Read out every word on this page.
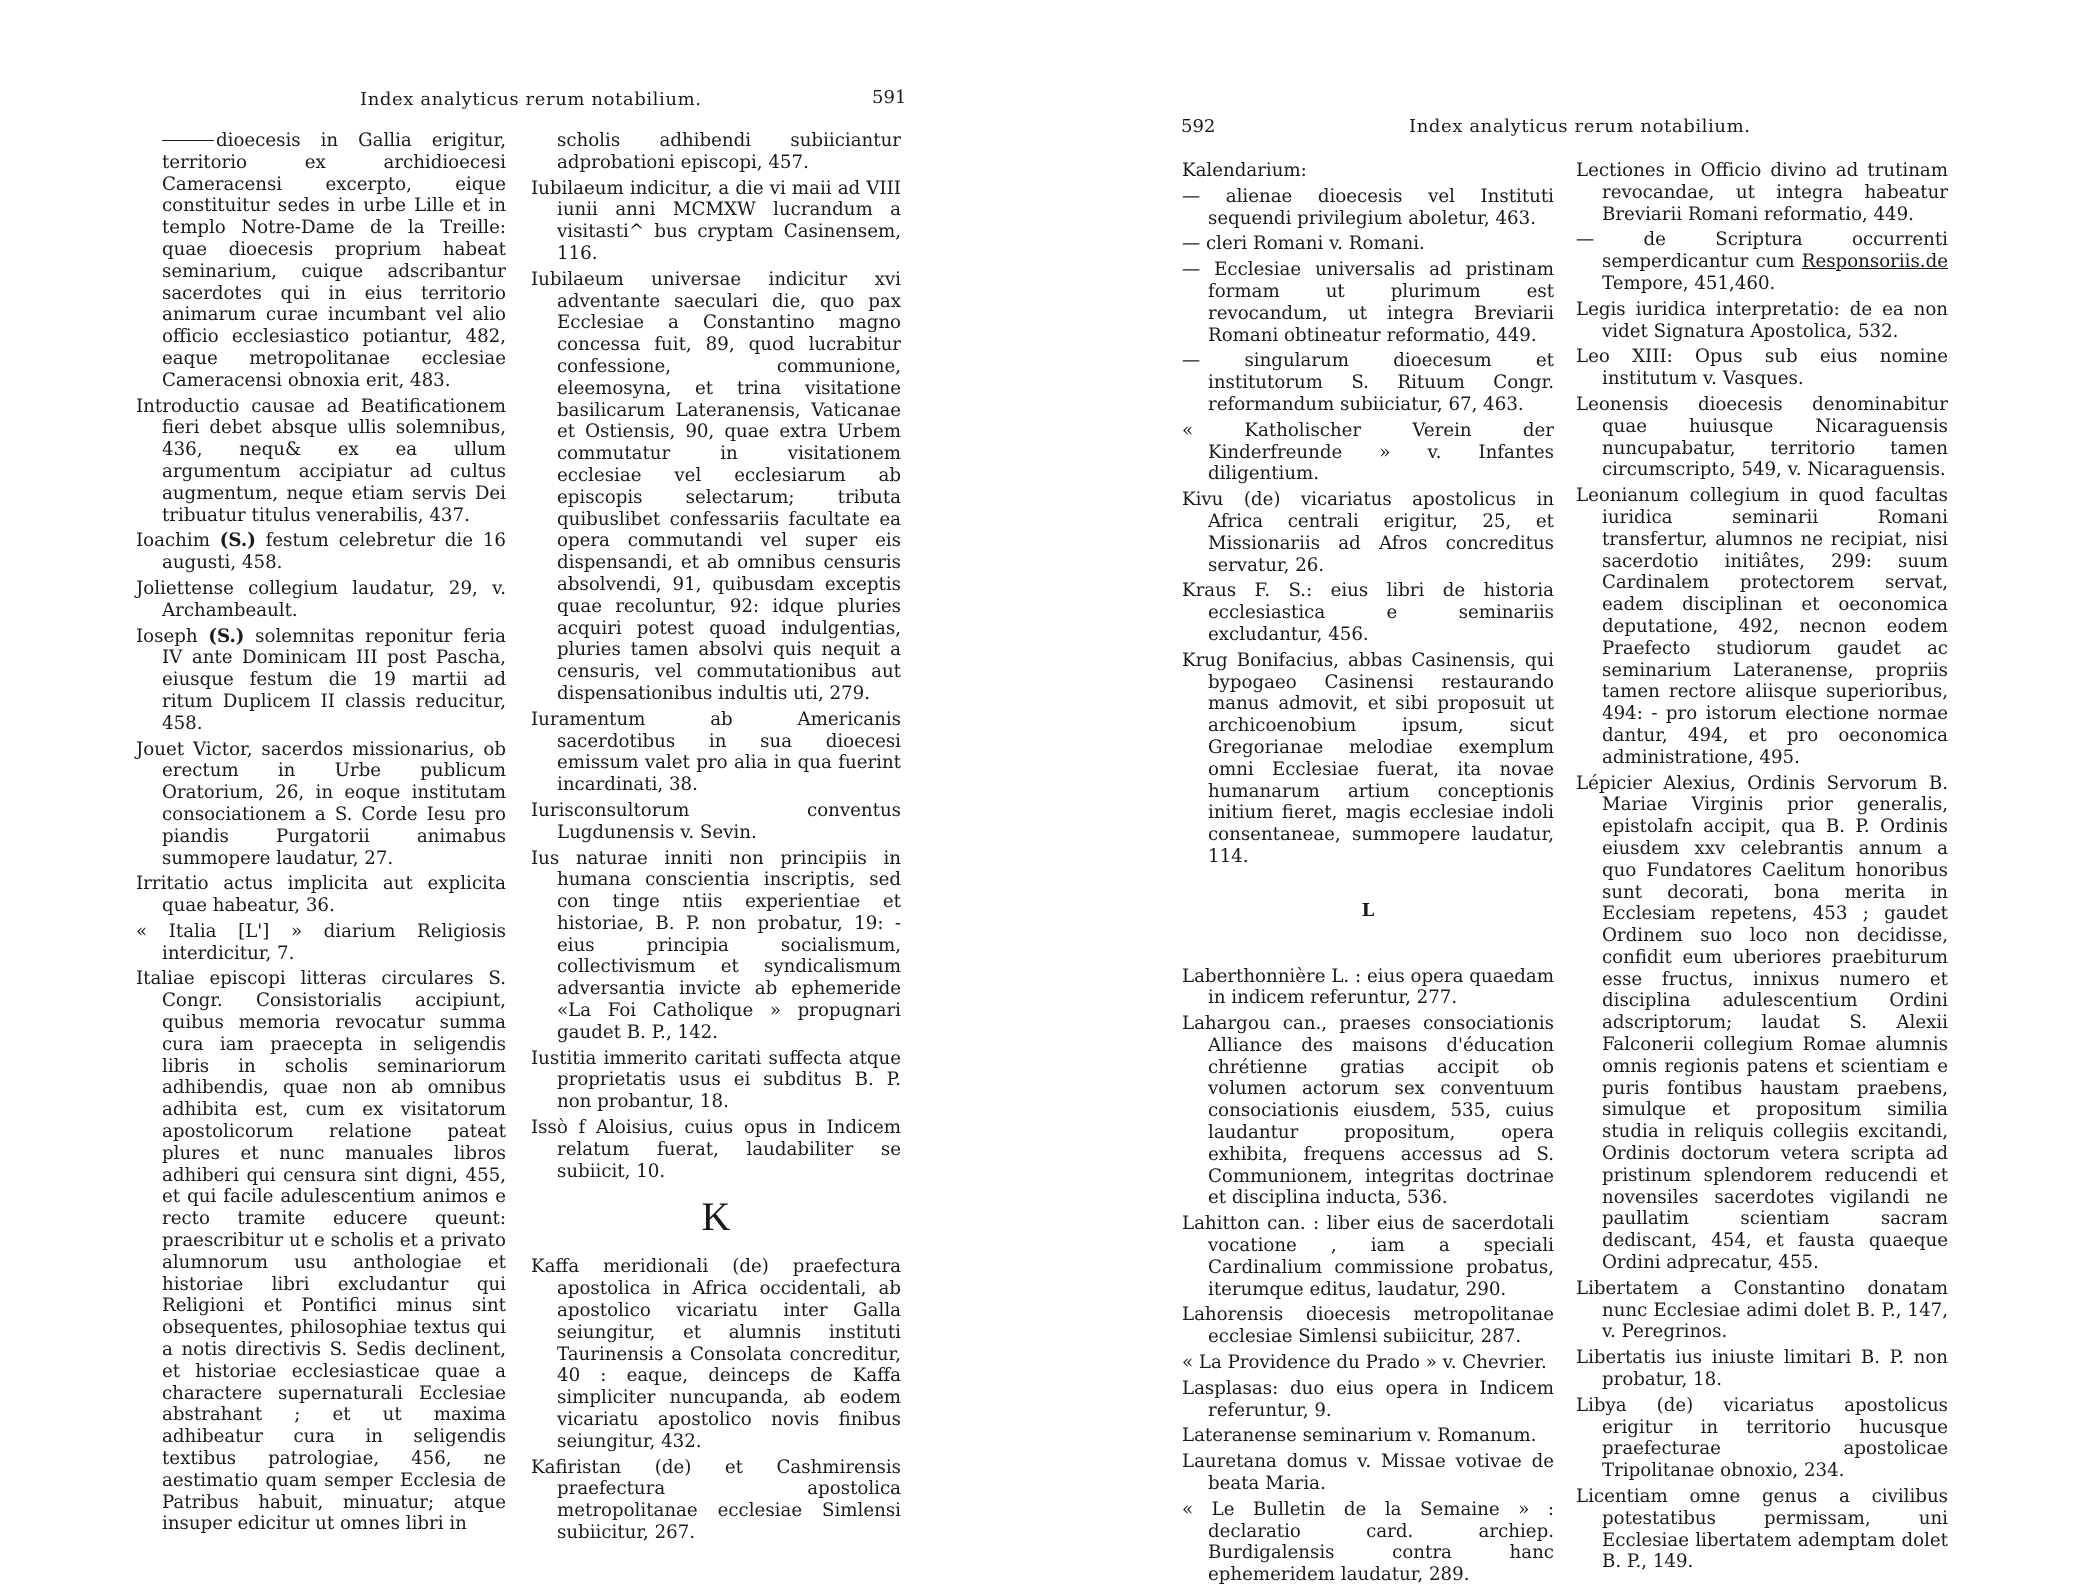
Index analyticus rerum notabilium.	591

dioecesis in Gallia erigitur, territorio ex archidioecesi Cameracensi excerpto, eique constituitur sedes in urbe Lille et in templo Notre-Dame de la Treille: quae dioecesis proprium habeat seminarium, cuique adscribantur sacerdotes qui in eius territorio animarum curae incumbant vel alio officio ecclesiastico potiantur, 482, eaque metropolitanae ecclesiae Cameracensi obnoxia erit, 483.

Introductio causae ad Beatificationem fieri debet absque ullis solemnibus, 436, nequ& ex ea ullum argumentum accipiatur ad cultus augmentum, neque etiam servis Dei tribuatur titulus venerabilis, 437.

Ioachim (S.) festum celebretur die 16 augusti, 458.

Joliettense collegium laudatur, 29, v. Archambeault.

Ioseph (S.) solemnitas reponitur feria IV ante Dominicam III post Pascha, eiusque festum die 19 martii ad ritum Duplicem II classis reducitur, 458.

Jouet Victor, sacerdos missionarius, ob erectum in Urbe publicum Oratorium, 26, in eoque institutam consociationem a S. Corde Iesu pro piandis Purgatorii animabus summopere laudatur, 27.

Irritatio actus implicita aut explicita quae habeatur, 36.

« Italia [L'] » diarium Religiosis interdicitur, 7.

Italiae episcopi litteras circulares S. Congr. Consistorialis accipiunt, quibus memoria revocatur summa cura iam praecepta in seligendis libris in scholis seminariorum adhibendis, quae non ab omnibus adhibita est, cum ex visitatorum apostolicorum relatione pateat plures et nunc manuales libros adhiberi qui censura sint digni, 455, et qui facile adulescentium animos e recto tramite educere queunt: praescribitur ut e scholis et a privato alumnorum usu anthologiae et historiae libri excludantur qui Religioni et Pontifici minus sint obsequentes, philosophiae textus qui a notis directivis S. Sedis declinent, et historiae ecclesiasticae quae a charactere supernaturali Ecclesiae abstrahant ; et ut maxima adhibeatur cura in seligendis textibus patrologiae, 456, ne aestimatio quam semper Ecclesia de Patribus habuit, minuatur; atque insuper edicitur ut omnes libri in

scholis adhibendi subiiciantur adprobationi episcopi, 457.

Iubilaeum indicitur, a die vi maii ad VIII iunii anni MCMXW lucrandum a visitasti^ bus cryptam Casinensem, 116.

Iubilaeum universae indicitur xvi adventante saeculari die, quo pax Ecclesiae a Constantino magno concessa fuit, 89, quod lucrabitur confessione, communione, eleemosyna, et trina visitatione basilicarum Lateranensis, Vaticanae et Ostiensis, 90, quae extra Urbem commutatur in visitationem ecclesiae vel ecclesiarum ab episcopis selectarum; tributa quibuslibet confessariis facultate ea opera commutandi vel super eis dispensandi, et ab omnibus censuris absolvendi, 91, quibusdam exceptis quae recoluntur, 92: idque pluries acquiri potest quoad indulgentias, pluries tamen absolvi quis nequit a censuris, vel commutationibus aut dispensationibus indultis uti, 279.

Iuramentum ab Americanis sacerdotibus in sua dioecesi emissum valet pro alia in qua fuerint incardinati, 38.

Iurisconsultorum conventus Lugdunensis v. Sevin.

Ius naturae inniti non principiis in humana conscientia inscriptis, sed con tinge ntiis experientiae et historiae, B. P. non probatur, 19: - eius principia socialismum, collectivismum et syndicalismum adversantia invicte ab ephemeride «La Foi Catholique » propugnari gaudet B. P., 142.

Iustitia immerito caritati suffecta atque proprietatis usus ei subditus B. P. non probantur, 18.

Issò f Aloisius, cuius opus in Indicem relatum fuerat, laudabiliter se subiicit, 10.

K

Kaffa meridionali (de) praefectura apostolica in Africa occidentali, ab apostolico vicariatu inter Galla seiungitur, et alumnis instituti Taurinensis a Consolata concreditur, 40 : eaque, deinceps de Kaffa simpliciter nuncupanda, ab eodem vicariatu apostolico novis finibus seiungitur, 432.

Kafiristan (de) et Cashmirensis praefectura apostolica metropolitanae ecclesiae Simlensi subiicitur, 267.

592	Index analyticus rerum notabilium.

Kalendarium:

— alienae dioecesis vel Instituti sequendi privilegium aboletur, 463.

— cleri Romani v. Romani.

— Ecclesiae universalis ad pristinam formam ut plurimum est revocandum, ut integra Breviarii Romani obtineatur reformatio, 449.

— singularum dioecesum et institutorum S. Rituum Congr. reformandum subiiciatur, 67, 463.

« Katholischer Verein der Kinderfreunde » v. Infantes diligentium.

Kivu (de) vicariatus apostolicus in Africa centrali erigitur, 25, et Missionariis ad Afros concreditus servatur, 26.

Kraus F. S.: eius libri de historia ecclesiastica e seminariis excludantur, 456.

Krug Bonifacius, abbas Casinensis, qui bypogaeo Casinensi restaurando manus admovit, et sibi proposuit ut archicoenobium ipsum, sicut Gregorianae melodiae exemplum omni Ecclesiae fuerat, ita novae humanarum artium conceptionis initium fieret, magis ecclesiae indoli consentaneae, summopere laudatur, 114.

L

Laberthonnière L. : eius opera quaedam in indicem referuntur, 277.

Lahargou can., praeses consociationis Alliance des maisons d'éducation chrétienne gratias accipit ob volumen actorum sex conventuum consociationis eiusdem, 535, cuius laudantur propositum, opera exhibita, frequens accessus ad S. Communionem, integritas doctrinae et disciplina inducta, 536.

Lahitton can. : liber eius de sacerdotali vocatione , iam a speciali Cardinalium commissione probatus, iterumque editus, laudatur, 290.

Lahorensis dioecesis metropolitanae ecclesiae Simlensi subiicitur, 287.

« La Providence du Prado » v. Chevrier.

Lasplasas: duo eius opera in Indicem referuntur, 9.

Lateranense seminarium v. Romanum.

Lauretana domus v. Missae votivae de beata Maria.

« Le Bulletin de la Semaine » : declaratio card. archiep. Burdigalensis contra hanc ephemeridem laudatur, 289.

Lectiones in Officio divino ad trutinam revocandae, ut integra habeatur Breviarii Romani reformatio, 449.

— de Scriptura occurrenti semperdicantur cum Responsoriis.de Tempore, 451,460.

Legis iuridica interpretatio: de ea non videt Signatura Apostolica, 532.

Leo XIII: Opus sub eius nomine institutum v. Vasques.

Leonensis dioecesis denominabitur quae huiusque Nicaraguensis nuncupabatur, territorio tamen circumscripto, 549, v. Nicaraguensis.

Leonianum collegium in quod facultas iuridica seminarii Romani transfertur, alumnos ne recipiat, nisi sacerdotio initiâtes, 299: suum Cardinalem protectorem servat, eadem disciplinan et oeconomica deputatione, 492, necnon eodem Praefecto studiorum gaudet ac seminarium Lateranense, propriis tamen rectore aliisque superioribus, 494: - pro istorum electione normae dantur, 494, et pro oeconomica administratione, 495.

Lépicier Alexius, Ordinis Servorum B. Mariae Virginis prior generalis, epistolafn accipit, qua B. P. Ordinis eiusdem xxv celebrantis annum a quo Fundatores Caelitum honoribus sunt decorati, bona merita in Ecclesiam repetens, 453 ; gaudet Ordinem suo loco non decidisse, confidit eum uberiores praebiturum esse fructus, innixus numero et disciplina adulescentium Ordini adscriptorum; laudat S. Alexii Falconerii collegium Romae alumnis omnis regionis patens et scientiam e puris fontibus haustam praebens, simulque et propositum similia studia in reliquis collegiis excitandi, Ordinis doctorum vetera scripta ad pristinum splendorem reducendi et novensiles sacerdotes vigilandi ne paullatim scientiam sacram dediscant, 454, et fausta quaeque Ordini adprecatur, 455.

Libertatem a Constantino donatam nunc Ecclesiae adimi dolet B. P., 147, v. Peregrinos.

Libertatis ius iniuste limitari B. P. non probatur, 18.

Libya (de) vicariatus apostolicus erigitur in territorio hucusque praefecturae apostolicae Tripolitanae obnoxio, 234.

Licentiam omne genus a civilibus potestatibus permissam, uni Ecclesiae libertatem ademptam dolet B. P., 149.
